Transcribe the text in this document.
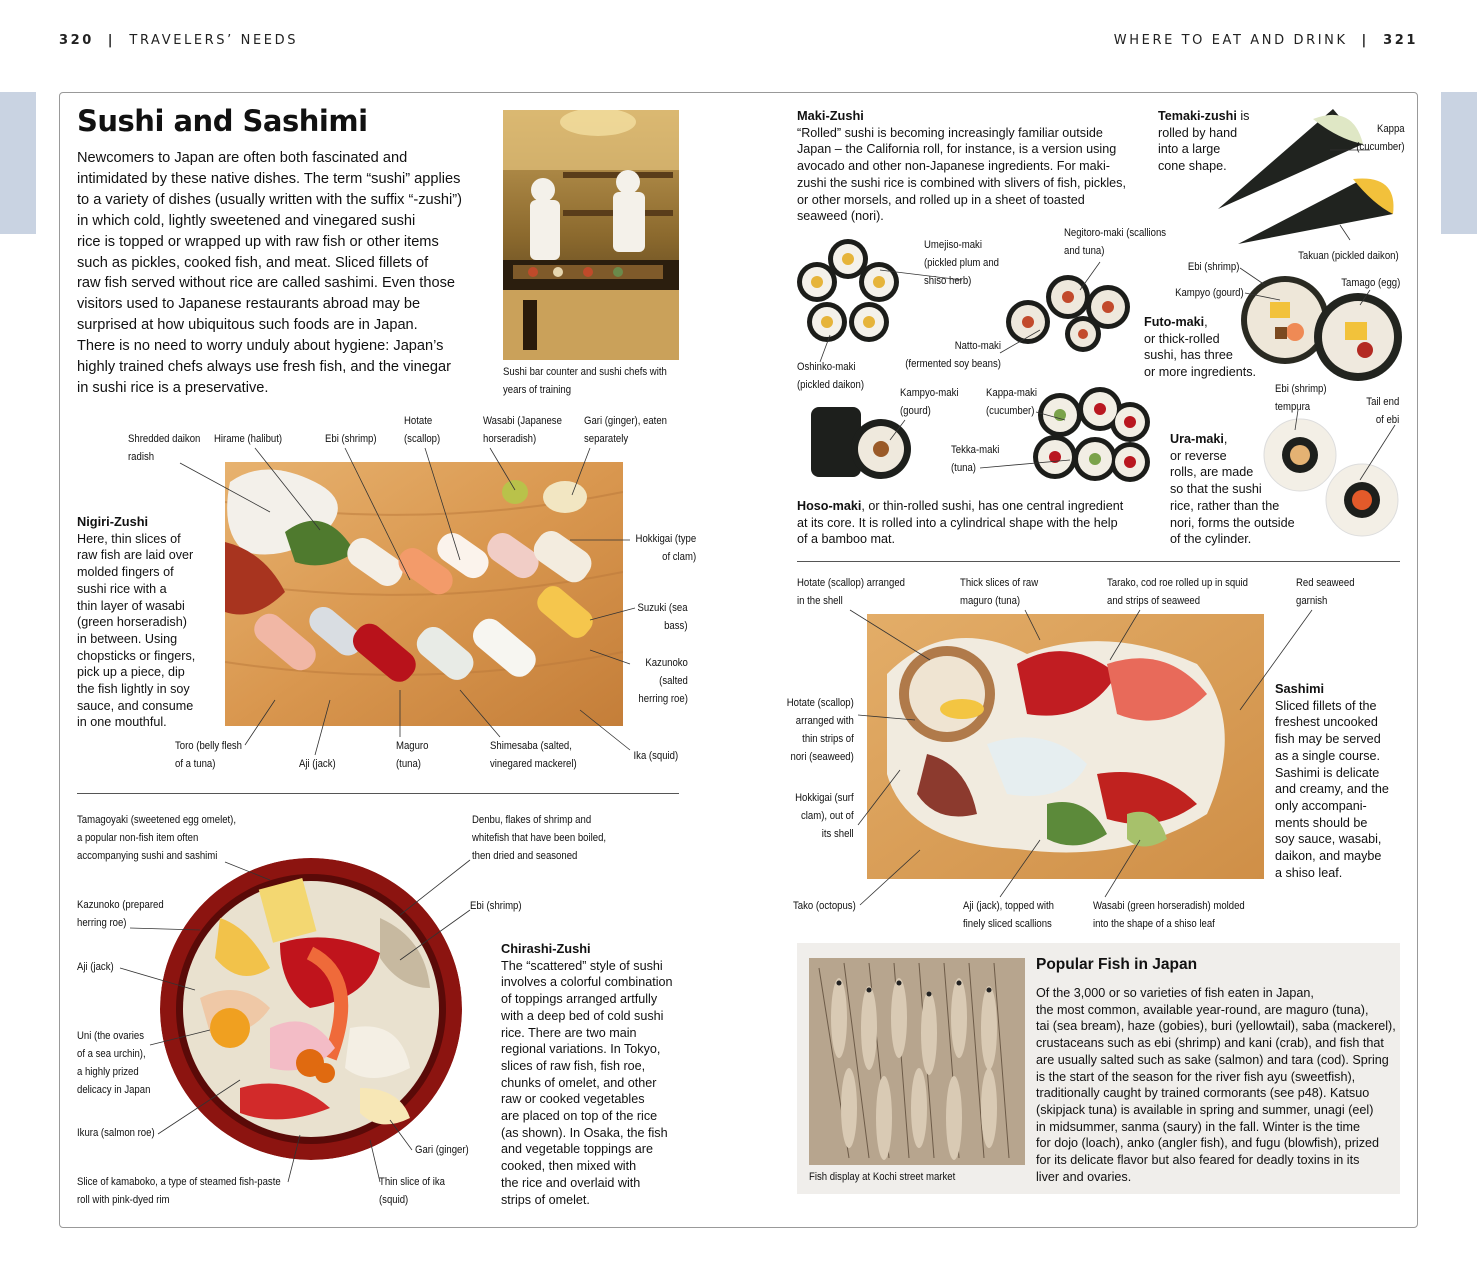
320  |  TRAVELERS’ NEEDS	WHERE TO EAT AND DRINK  |  321
Sushi and Sashimi
Newcomers to Japan are often both fascinated and
intimidated by these native dishes. The term “sushi” applies
to a variety of dishes (usually written with the suffix “-zushi”)
in which cold, lightly sweetened and vinegared sushi
rice is topped or wrapped up with raw fish or other items
such as pickles, cooked fish, and meat. Sliced fillets of
raw fish served without rice are called sashimi. Even those
visitors used to Japanese restaurants abroad may be
surprised at how ubiquitous such foods are in Japan.
There is no need to worry unduly about hygiene: Japan’s
highly trained chefs always use fresh fish, and the vinegar
in sushi rice is a preservative.
Sushi bar counter and sushi chefs with
years of training
Nigiri-Zushi
Here, thin slices of
raw fish are laid over
molded fingers of
sushi rice with a
thin layer of wasabi
(green horseradish)
in between. Using
chopsticks or fingers,
pick up a piece, dip
the fish lightly in soy
sauce, and consume
in one mouthful.
Shredded daikon
radish
Hirame (halibut)	Ebi (shrimp)
Hotate
(scallop)
Wasabi (Japanese
horseradish)
Gari (ginger), eaten
separately
Hokkigai (type
of clam)
Suzuki (sea
bass)
Kazunoko
(salted
herring roe)
Ika (squid)
Toro (belly flesh
of a tuna)	Aji (jack)
Maguro
(tuna)
Shimesaba (salted,
vinegared mackerel)
Chirashi-Zushi
The “scattered” style of sushi
involves a colorful combination
of toppings arranged artfully
with a deep bed of cold sushi
rice. There are two main
regional variations. In Tokyo,
slices of raw fish, fish roe,
chunks of omelet, and other
raw or cooked vegetables
are placed on top of the rice
(as shown). In Osaka, the fish
and vegetable toppings are
cooked, then mixed with
the rice and overlaid with
strips of omelet.
Tamagoyaki (sweetened egg omelet),
a popular non-fish item often
accompanying sushi and sashimi
Denbu, flakes of shrimp and
whitefish that have been boiled,
then dried and seasoned
Kazunoko (prepared
herring roe)
Ebi (shrimp)
Aji (jack)
Uni (the ovaries
of a sea urchin),
a highly prized
delicacy in Japan
Ikura (salmon roe)
Gari (ginger)
Slice of kamaboko, a type of steamed fish-paste
roll with pink-dyed rim
Thin slice of ika
(squid)
Maki-Zushi
“Rolled” sushi is becoming increasingly familiar outside
Japan – the California roll, for instance, is a version using
avocado and other non-Japanese ingredients. For maki-
zushi the sushi rice is combined with slivers of fish, pickles,
or other morsels, and rolled up in a sheet of toasted
seaweed (nori).
Umejiso-maki
(pickled plum and
shiso herb)
Negitoro-maki (scallions
and tuna)
Natto-maki
(fermented soy beans)
Oshinko-maki
(pickled daikon)
Kampyo-maki
(gourd)
Kappa-maki
(cucumber)
Tekka-maki
(tuna)
Hoso-maki, or thin-rolled sushi, has one central ingredient
at its core. It is rolled into a cylindrical shape with the help
of a bamboo mat.
Temaki-zushi is
rolled by hand
into a large
cone shape.
Kappa
(cucumber)
Takuan (pickled daikon)
Ebi (shrimp)
Kampyo (gourd)
Tamago (egg)
Futo-maki,
or thick-rolled
sushi, has three
or more ingredients.
Ebi (shrimp)
tempura	Tail end
of ebi
Ura-maki,
or reverse
rolls, are made
so that the sushi
rice, rather than the
nori, forms the outside
of the cylinder.
Hotate (scallop) arranged
in the shell
Thick slices of raw
maguro (tuna)
Tarako, cod roe rolled up in squid
and strips of seaweed
Red seaweed
garnish
Hotate (scallop)
arranged with
thin strips of
nori (seaweed)
Hokkigai (surf
clam), out of
its shell
Tako (octopus)	Aji (jack), topped with
finely sliced scallions
Wasabi (green horseradish) molded
into the shape of a shiso leaf
Sashimi
Sliced fillets of the
freshest uncooked
fish may be served
as a single course.
Sashimi is delicate
and creamy, and the
only accompani-
ments should be
soy sauce, wasabi,
daikon, and maybe
a shiso leaf.
Fish display at Kochi street market
Popular Fish in Japan
Of the 3,000 or so varieties of fish eaten in Japan,
the most common, available year-round, are maguro (tuna),
tai (sea bream), haze (gobies), buri (yellowtail), saba (mackerel),
crustaceans such as ebi (shrimp) and kani (crab), and fish that
are usually salted such as sake (salmon) and tara (cod). Spring
is the start of the season for the river fish ayu (sweetfish),
traditionally caught by trained cormorants (see p48). Katsuo
(skipjack tuna) is available in spring and summer, unagi (eel)
in midsummer, sanma (saury) in the fall. Winter is the time
for dojo (loach), anko (angler fish), and fugu (blowfish), prized
for its delicate flavor but also feared for deadly toxins in its
liver and ovaries.
